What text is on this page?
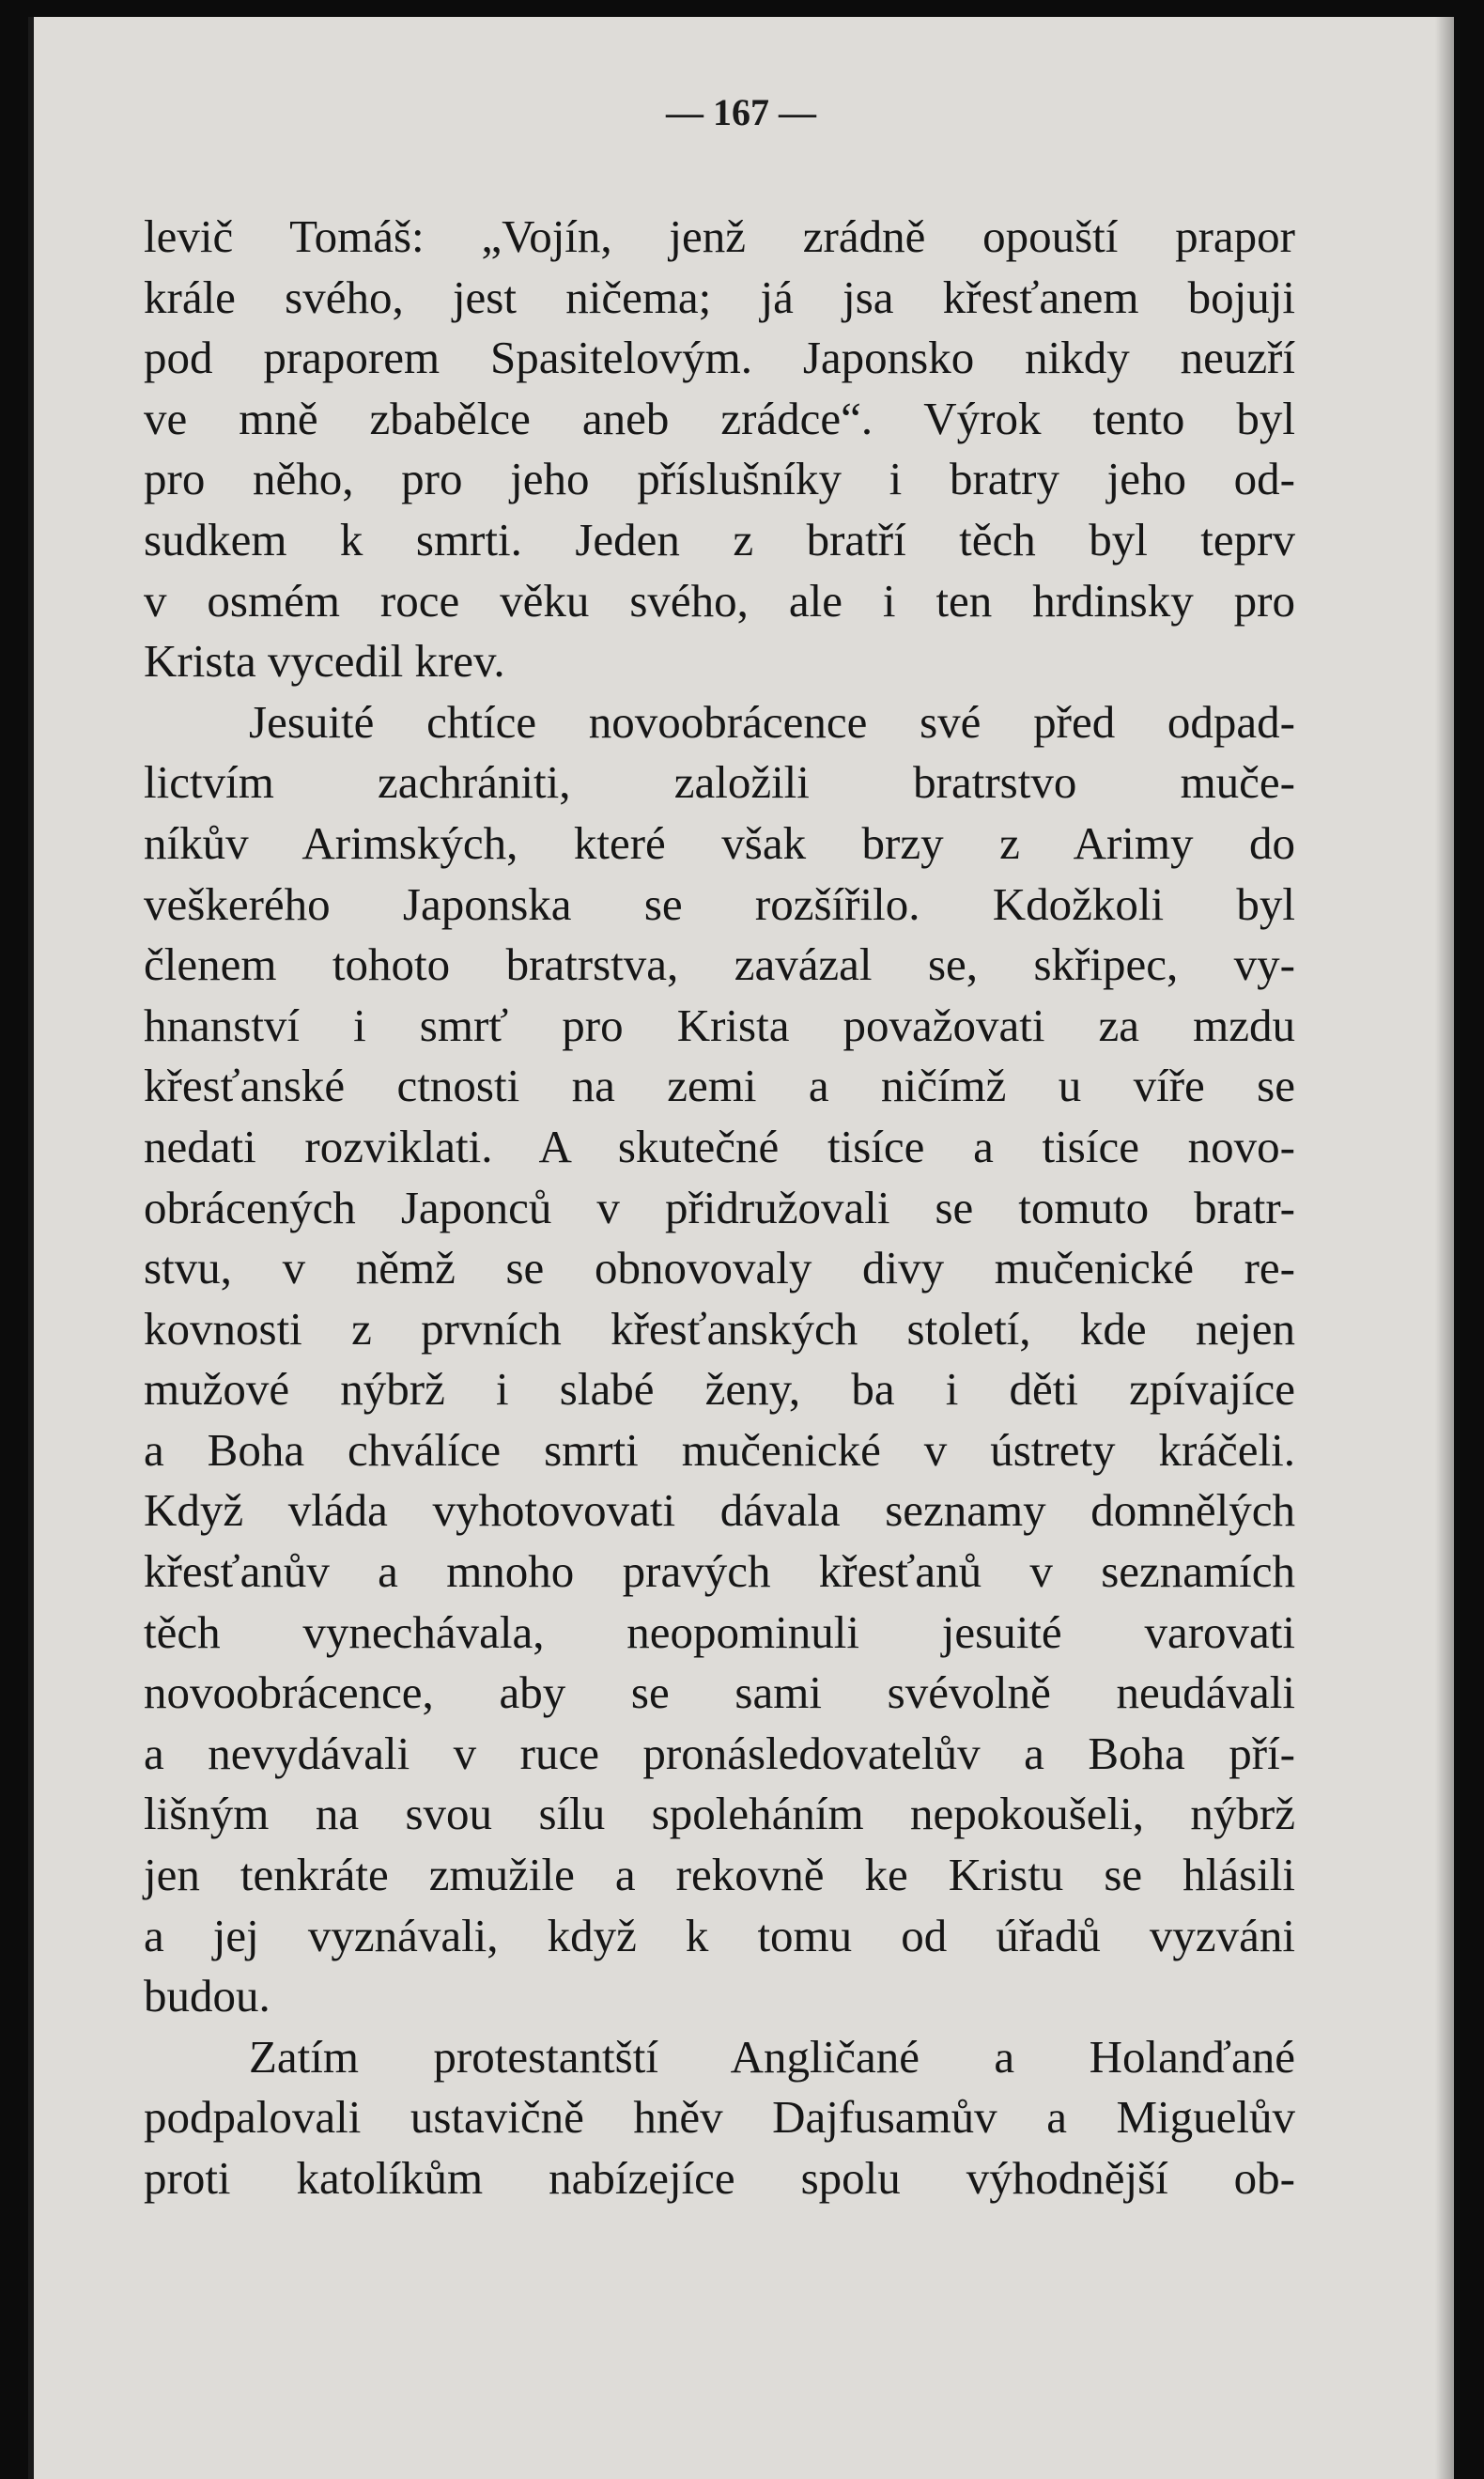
— 167 —
levič Tomáš: „Vojín, jenž zrádně opouští prapor
krále svého, jest ničema; já jsa křesťanem bojuji
pod praporem Spasitelovým. Japonsko nikdy neuzří
ve mně zbabělce aneb zrádce“. Výrok tento byl
pro něho, pro jeho příslušníky i bratry jeho od-
sudkem k smrti. Jeden z bratří těch byl teprv
v osmém roce věku svého, ale i ten hrdinsky pro
Krista vycedil krev.
Jesuité chtíce novoobrácence své před odpad-
lictvím zachrániti, založili bratrstvo muče-
níkův Arimských, které však brzy z Arimy do
veškerého Japonska se rozšířilo. Kdožkoli byl
členem tohoto bratrstva, zavázal se, skřipec, vy-
hnanství i smrť pro Krista považovati za mzdu
křesťanské ctnosti na zemi a ničímž u víře se
nedati rozviklati. A skutečné tisíce a tisíce novo-
obrácených Japonců v přidružovali se tomuto bratr-
stvu, v němž se obnovovaly divy mučenické re-
kovnosti z prvních křesťanských století, kde nejen
mužové nýbrž i slabé ženy, ba i děti zpívajíce
a Boha chválíce smrti mučenické v ústrety kráčeli.
Když vláda vyhotovovati dávala seznamy domnělých
křesťanův a mnoho pravých křesťanů v seznamích
těch vynechávala, neopominuli jesuité varovati
novoobrácence, aby se sami svévolně neudávali
a nevydávali v ruce pronásledovatelův a Boha pří-
lišným na svou sílu spoleháním nepokoušeli, nýbrž
jen tenkráte zmužile a rekovně ke Kristu se hlásili
a jej vyznávali, když k tomu od úřadů vyzváni
budou.
Zatím protestantští Angličané a Holanďané
podpalovali ustavičně hněv Dajfusamův a Miguelův
proti katolíkům nabízejíce spolu výhodnější ob-
